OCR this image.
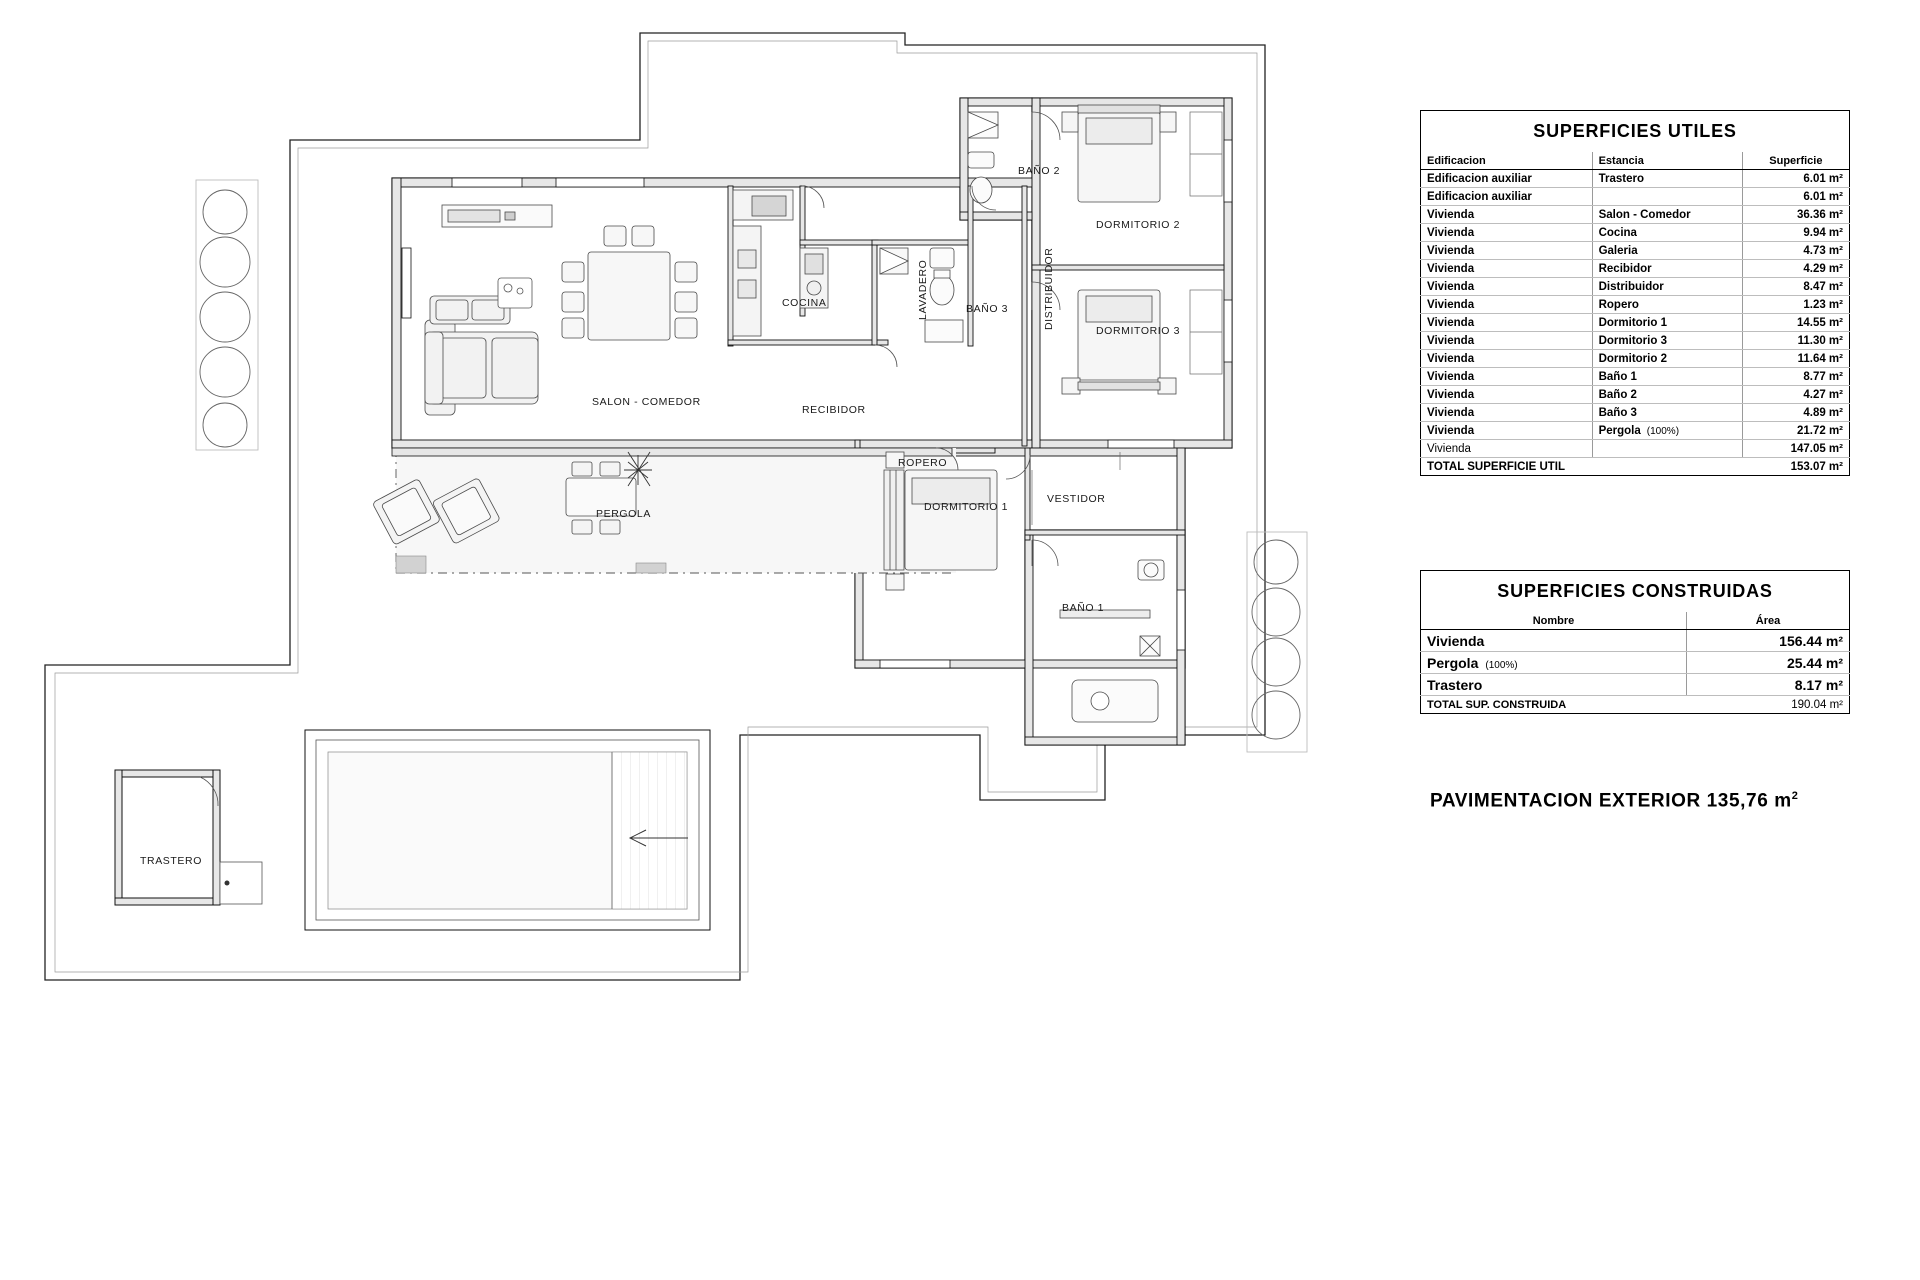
SALON - COMEDOR
COCINA	LAVADERO	BAÑO 3
BAÑO 2
DORMITORIO 2
DORMITORIO 3
DISTRIBUIDOR
RECIBIDOR
ROPERO
VESTIDOR
DORMITORIO 1
BAÑO 1
PERGOLA
TRASTERO
SUPERFICIES UTILES
Edificacion	Estancia	Superficie
Edificacion auxiliar	Trastero	6.01 m²
Edificacion auxiliar		6.01 m²
Vivienda	Salon - Comedor	36.36 m²
Vivienda	Cocina	9.94 m²
Vivienda	Galeria	4.73 m²
Vivienda	Recibidor	4.29 m²
Vivienda	Distribuidor	8.47 m²
Vivienda	Ropero	1.23 m²
Vivienda	Dormitorio 1	14.55 m²
Vivienda	Dormitorio 3	11.30 m²
Vivienda	Dormitorio 2	11.64 m²
Vivienda	Baño 1	8.77 m²
Vivienda	Baño 2	4.27 m²
Vivienda	Baño 3	4.89 m²
Vivienda	Pergola (100%)	21.72 m²
Vivienda		147.05 m²
TOTAL SUPERFICIE UTIL	153.07 m²
SUPERFICIES CONSTRUIDAS
Nombre	Área
Vivienda	156.44 m²
Pergola (100%)	25.44 m²
Trastero	8.17 m²
TOTAL SUP. CONSTRUIDA	190.04 m²
PAVIMENTACION EXTERIOR 135,76 $m^2$
